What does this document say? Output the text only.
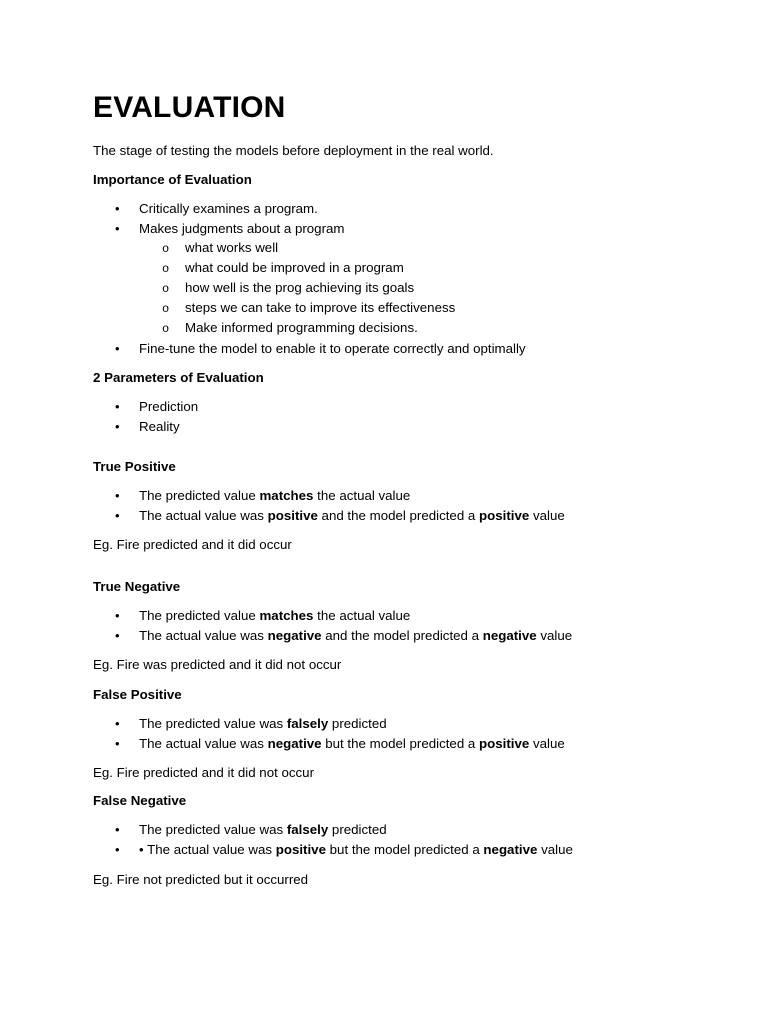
EVALUATION

The stage of testing the models before deployment in the real world.

Importance of Evaluation

•

Critically examines a program.

•

Makes judgments about a program

o

what works well

o

what could be improved in a program

o

how well is the prog achieving its goals

o

steps we can take to improve its effectiveness

o

Make informed programming decisions.

•

Fine-tune the model to enable it to operate correctly and optimally

2 Parameters of Evaluation

•

Prediction

•

Reality

True Positive

•

The predicted value matches the actual value

•

The actual value was positive and the model predicted a positive value

Eg. Fire predicted and it did occur

True Negative

•

The predicted value matches the actual value

•

The actual value was negative and the model predicted a negative value

Eg. Fire was predicted and it did not occur

False Positive

•

The predicted value was falsely predicted

•

The actual value was negative but the model predicted a positive value

Eg. Fire predicted and it did not occur

False Negative

•

The predicted value was falsely predicted

•

• The actual value was positive but the model predicted a negative value

Eg. Fire not predicted but it occurred
